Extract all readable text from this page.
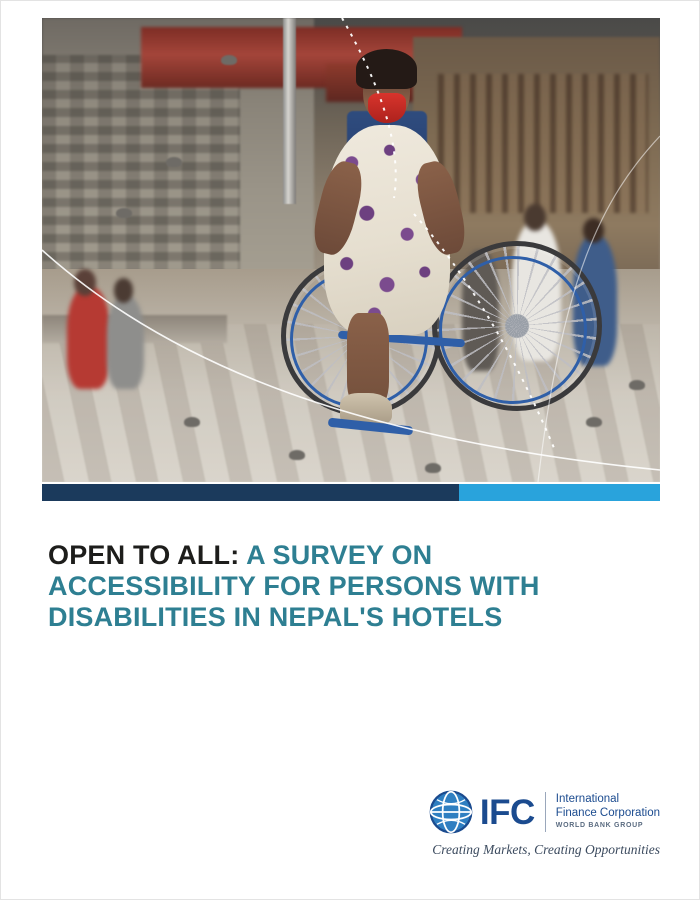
OPEN TO ALL: A SURVEY ON ACCESSIBILITY FOR PERSONS WITH DISABILITIES IN NEPAL'S HOTELS
IFC International
Finance Corporation
WORLD BANK GROUP
Creating Markets, Creating Opportunities
